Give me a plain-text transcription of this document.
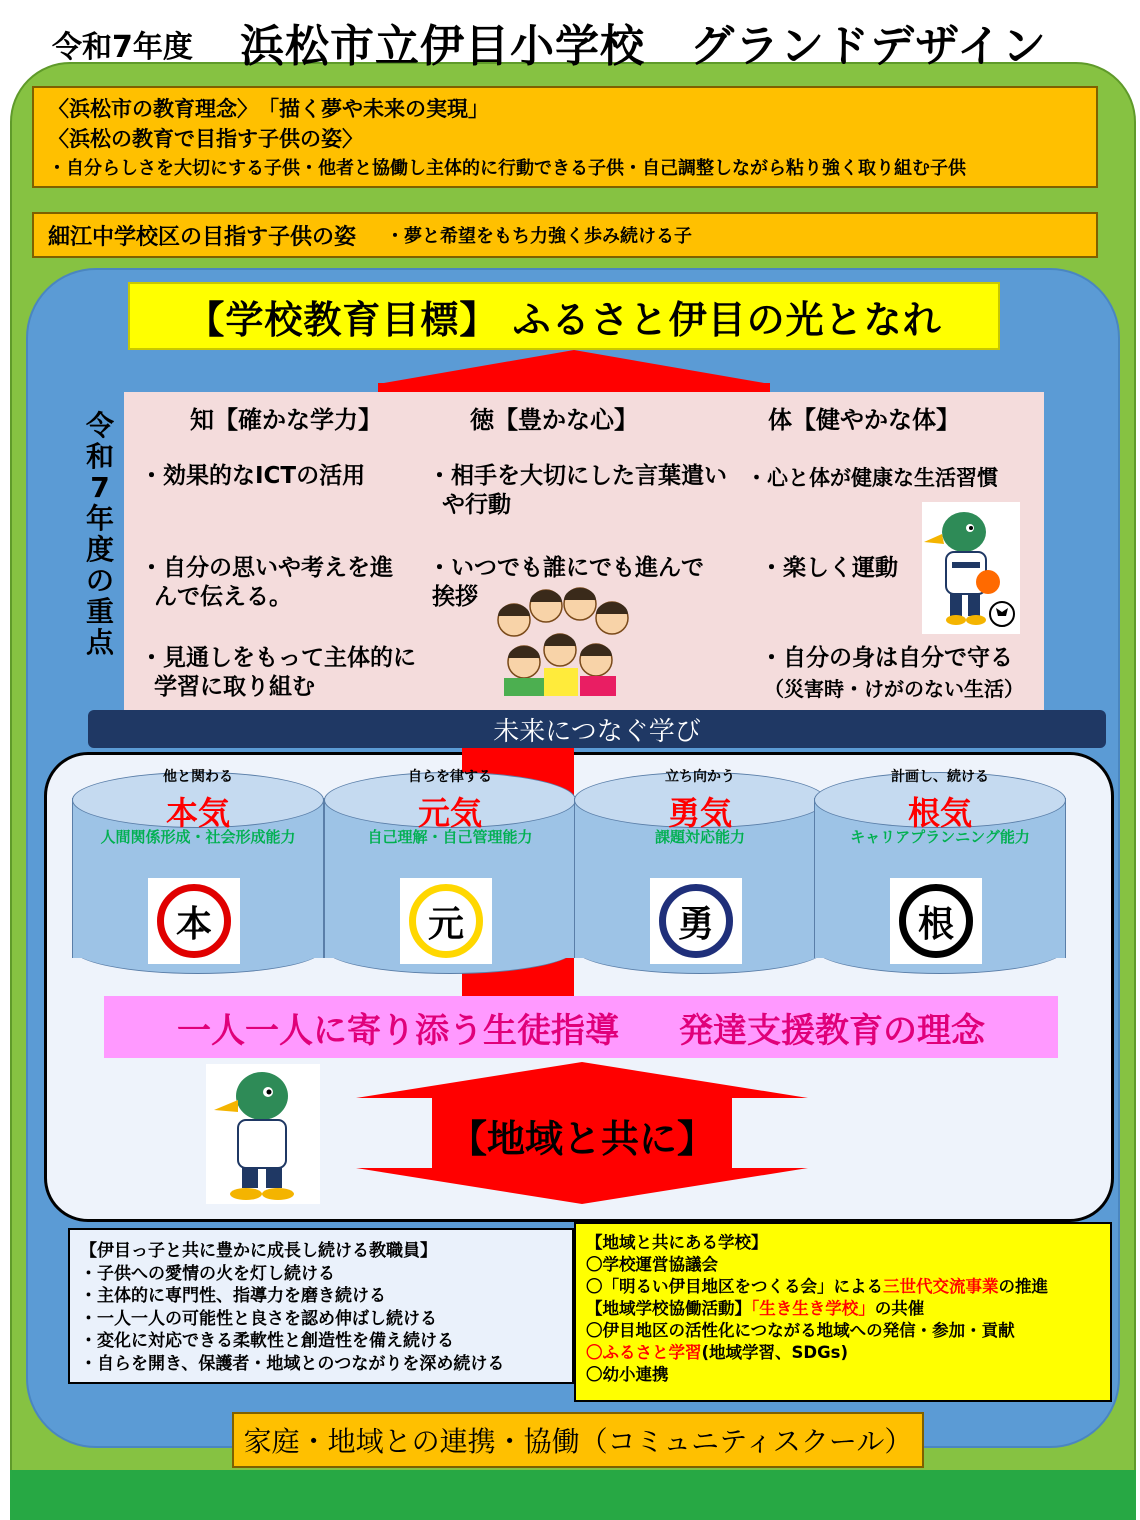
令和7年度 浜松市立伊目小学校　グランドデザイン
〈浜松市の教育理念〉　「描く夢や未来の実現」
〈浜松の教育で目指す子供の姿〉
・自分らしさを大切にする子供・他者と協働し主体的に行動できる子供・自己調整しながら粘り強く取り組む子供
細江中学校区の目指す子供の姿 ・夢と希望をもち力強く歩み続ける子
【学校教育目標】 ふるさと伊目の光となれ
令
和
7
年
度
の
重
点
知【確かな学力】	徳【豊かな心】	体【健やかな体】
・効果的なICTの活用
・自分の思いや考えを進
んで伝える。
・見通しをもって主体的に
学習に取り組む
・相手を大切にした言葉遣い
や行動
・いつでも誰にでも進んで
挨拶
・心と体が健康な生活習慣
・楽しく運動
・自分の身は自分で守る
（災害時・けがのない生活）
未来につなぐ学び
他と関わる
本気
人間関係形成・社会形成能力
本
自らを律する
元気
自己理解・自己管理能力
元
立ち向かう
勇気
課題対応能力
勇
計画し、続ける
根気
キャリアプランニング能力
根
一人一人に寄り添う生徒指導 発達支援教育の理念
【地域と共に】
【伊目っ子と共に豊かに成長し続ける教職員】
・子供への愛情の火を灯し続ける
・主体的に専門性、指導力を磨き続ける
・一人一人の可能性と良さを認め伸ばし続ける
・変化に対応できる柔軟性と創造性を備え続ける
・自らを開き、保護者・地域とのつながりを深め続ける
【地域と共にある学校】
〇学校運営協議会
〇「明るい伊目地区をつくる会」による三世代交流事業の推進
【地域学校協働活動】「生き生き学校」の共催
〇伊目地区の活性化につながる地域への発信・参加・貢献
〇ふるさと学習(地域学習、SDGs)
〇幼小連携
家庭・地域との連携・協働（コミュニティスクール）
